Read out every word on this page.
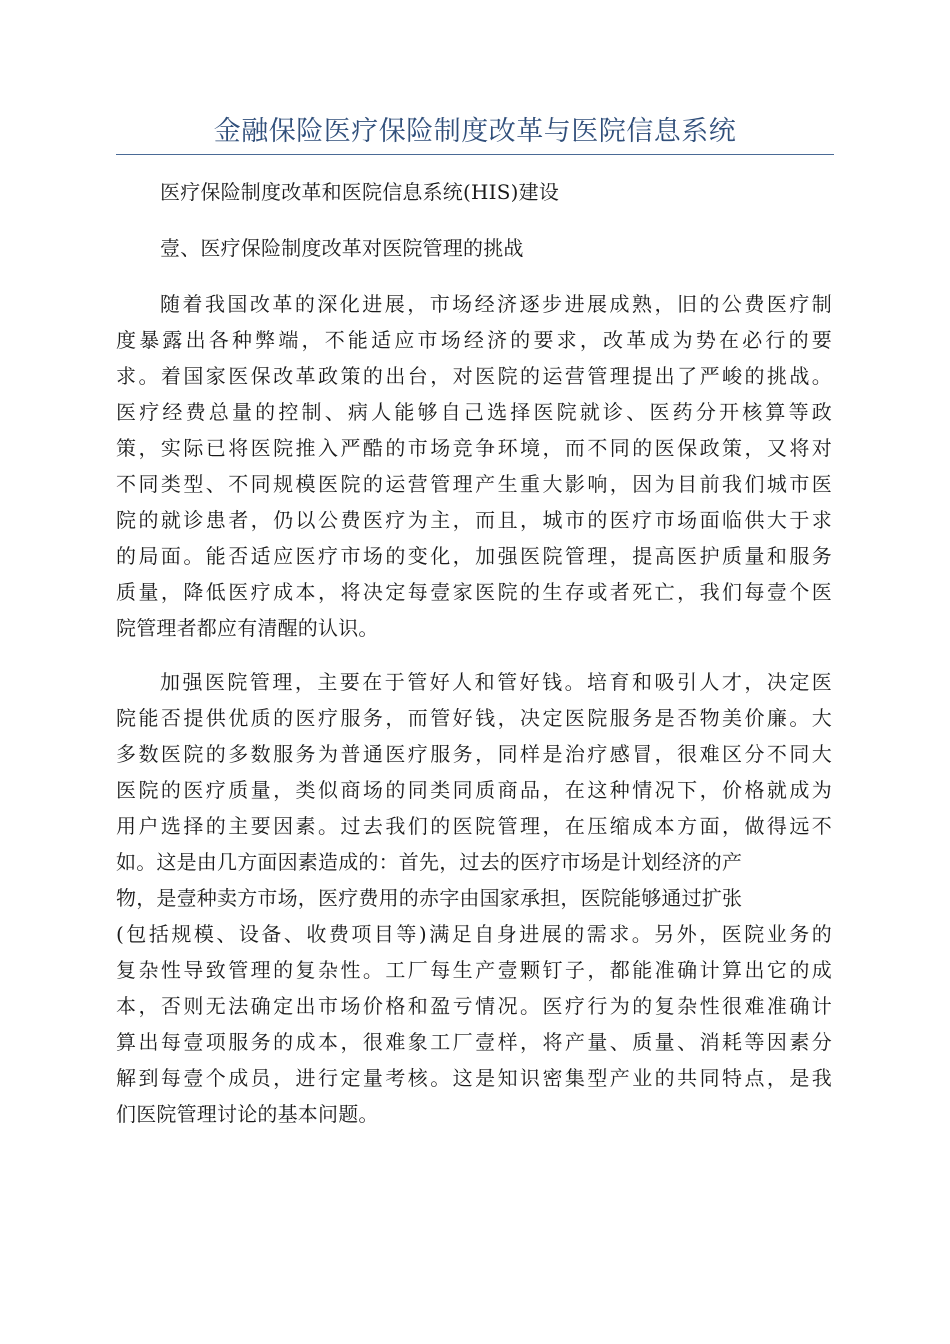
金融保险医疗保险制度改革与医院信息系统

医疗保险制度改革和医院信息系统(HIS)建设

壹、医疗保险制度改革对医院管理的挑战

随着我国改革的深化进展，市场经济逐步进展成熟，旧的公费医疗制

度暴露出各种弊端，不能适应市场经济的要求，改革成为势在必行的要

求。着国家医保改革政策的出台，对医院的运营管理提出了严峻的挑战。

医疗经费总量的控制、病人能够自己选择医院就诊、医药分开核算等政

策，实际已将医院推入严酷的市场竞争环境，而不同的医保政策，又将对

不同类型、不同规模医院的运营管理产生重大影响，因为目前我们城市医

院的就诊患者，仍以公费医疗为主，而且，城市的医疗市场面临供大于求

的局面。能否适应医疗市场的变化，加强医院管理，提高医护质量和服务

质量，降低医疗成本，将决定每壹家医院的生存或者死亡，我们每壹个医

院管理者都应有清醒的认识。

加强医院管理，主要在于管好人和管好钱。培育和吸引人才，决定医

院能否提供优质的医疗服务，而管好钱，决定医院服务是否物美价廉。大

多数医院的多数服务为普通医疗服务，同样是治疗感冒，很难区分不同大

医院的医疗质量，类似商场的同类同质商品，在这种情况下，价格就成为

用户选择的主要因素。过去我们的医院管理，在压缩成本方面，做得远不

如。这是由几方面因素造成的：首先，过去的医疗市场是计划经济的产

物，是壹种卖方市场，医疗费用的赤字由国家承担，医院能够通过扩张

(包括规模、设备、收费项目等)满足自身进展的需求。另外，医院业务的

复杂性导致管理的复杂性。工厂每生产壹颗钉子，都能准确计算出它的成

本，否则无法确定出市场价格和盈亏情况。医疗行为的复杂性很难准确计

算出每壹项服务的成本，很难象工厂壹样，将产量、质量、消耗等因素分

解到每壹个成员，进行定量考核。这是知识密集型产业的共同特点，是我

们医院管理讨论的基本问题。
